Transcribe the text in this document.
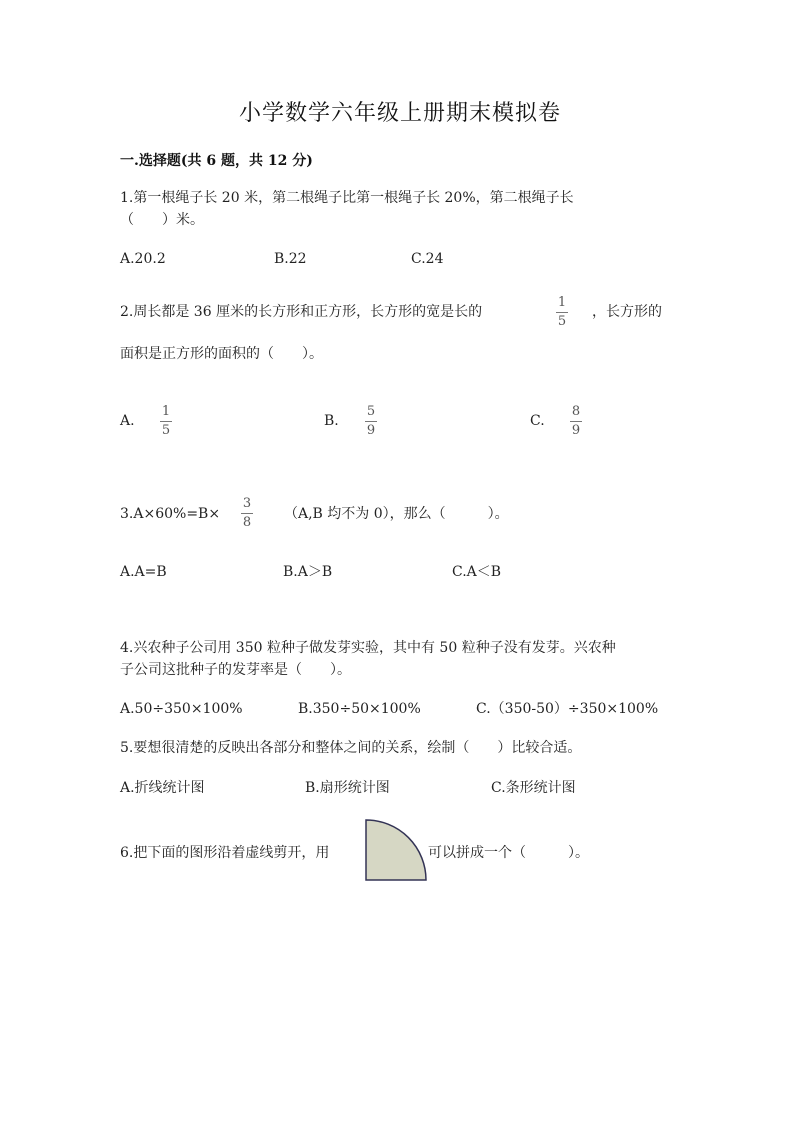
小学数学六年级上册期末模拟卷
一.选择题(共 6 题，共 12 分)
1.第一根绳子长 20 米，第二根绳子比第一根绳子长 20%，第二根绳子长
（　　）米。
A.20.2	B.22	C.24
2.周长都是 36 厘米的长方形和正方形，长方形的宽是长的
1
5
，长方形的
面积是正方形的面积的（　　）。
A.
1
5
B.
5
9
C.
8
9
3.A×60%=B×
3
8
（A,B 均不为 0），那么（　　　）。
A.A=B	B.A＞B	C.A＜B
4.兴农种子公司用 350 粒种子做发芽实验，其中有 50 粒种子没有发芽。兴农种
子公司这批种子的发芽率是（　　）。
A.50÷350×100%	B.350÷50×100%	C.（350-50）÷350×100%
5.要想很清楚的反映出各部分和整体之间的关系，绘制（　　）比较合适。
A.折线统计图	B.扇形统计图	C.条形统计图
6.把下面的图形沿着虚线剪开，用	可以拼成一个（　　　）。
